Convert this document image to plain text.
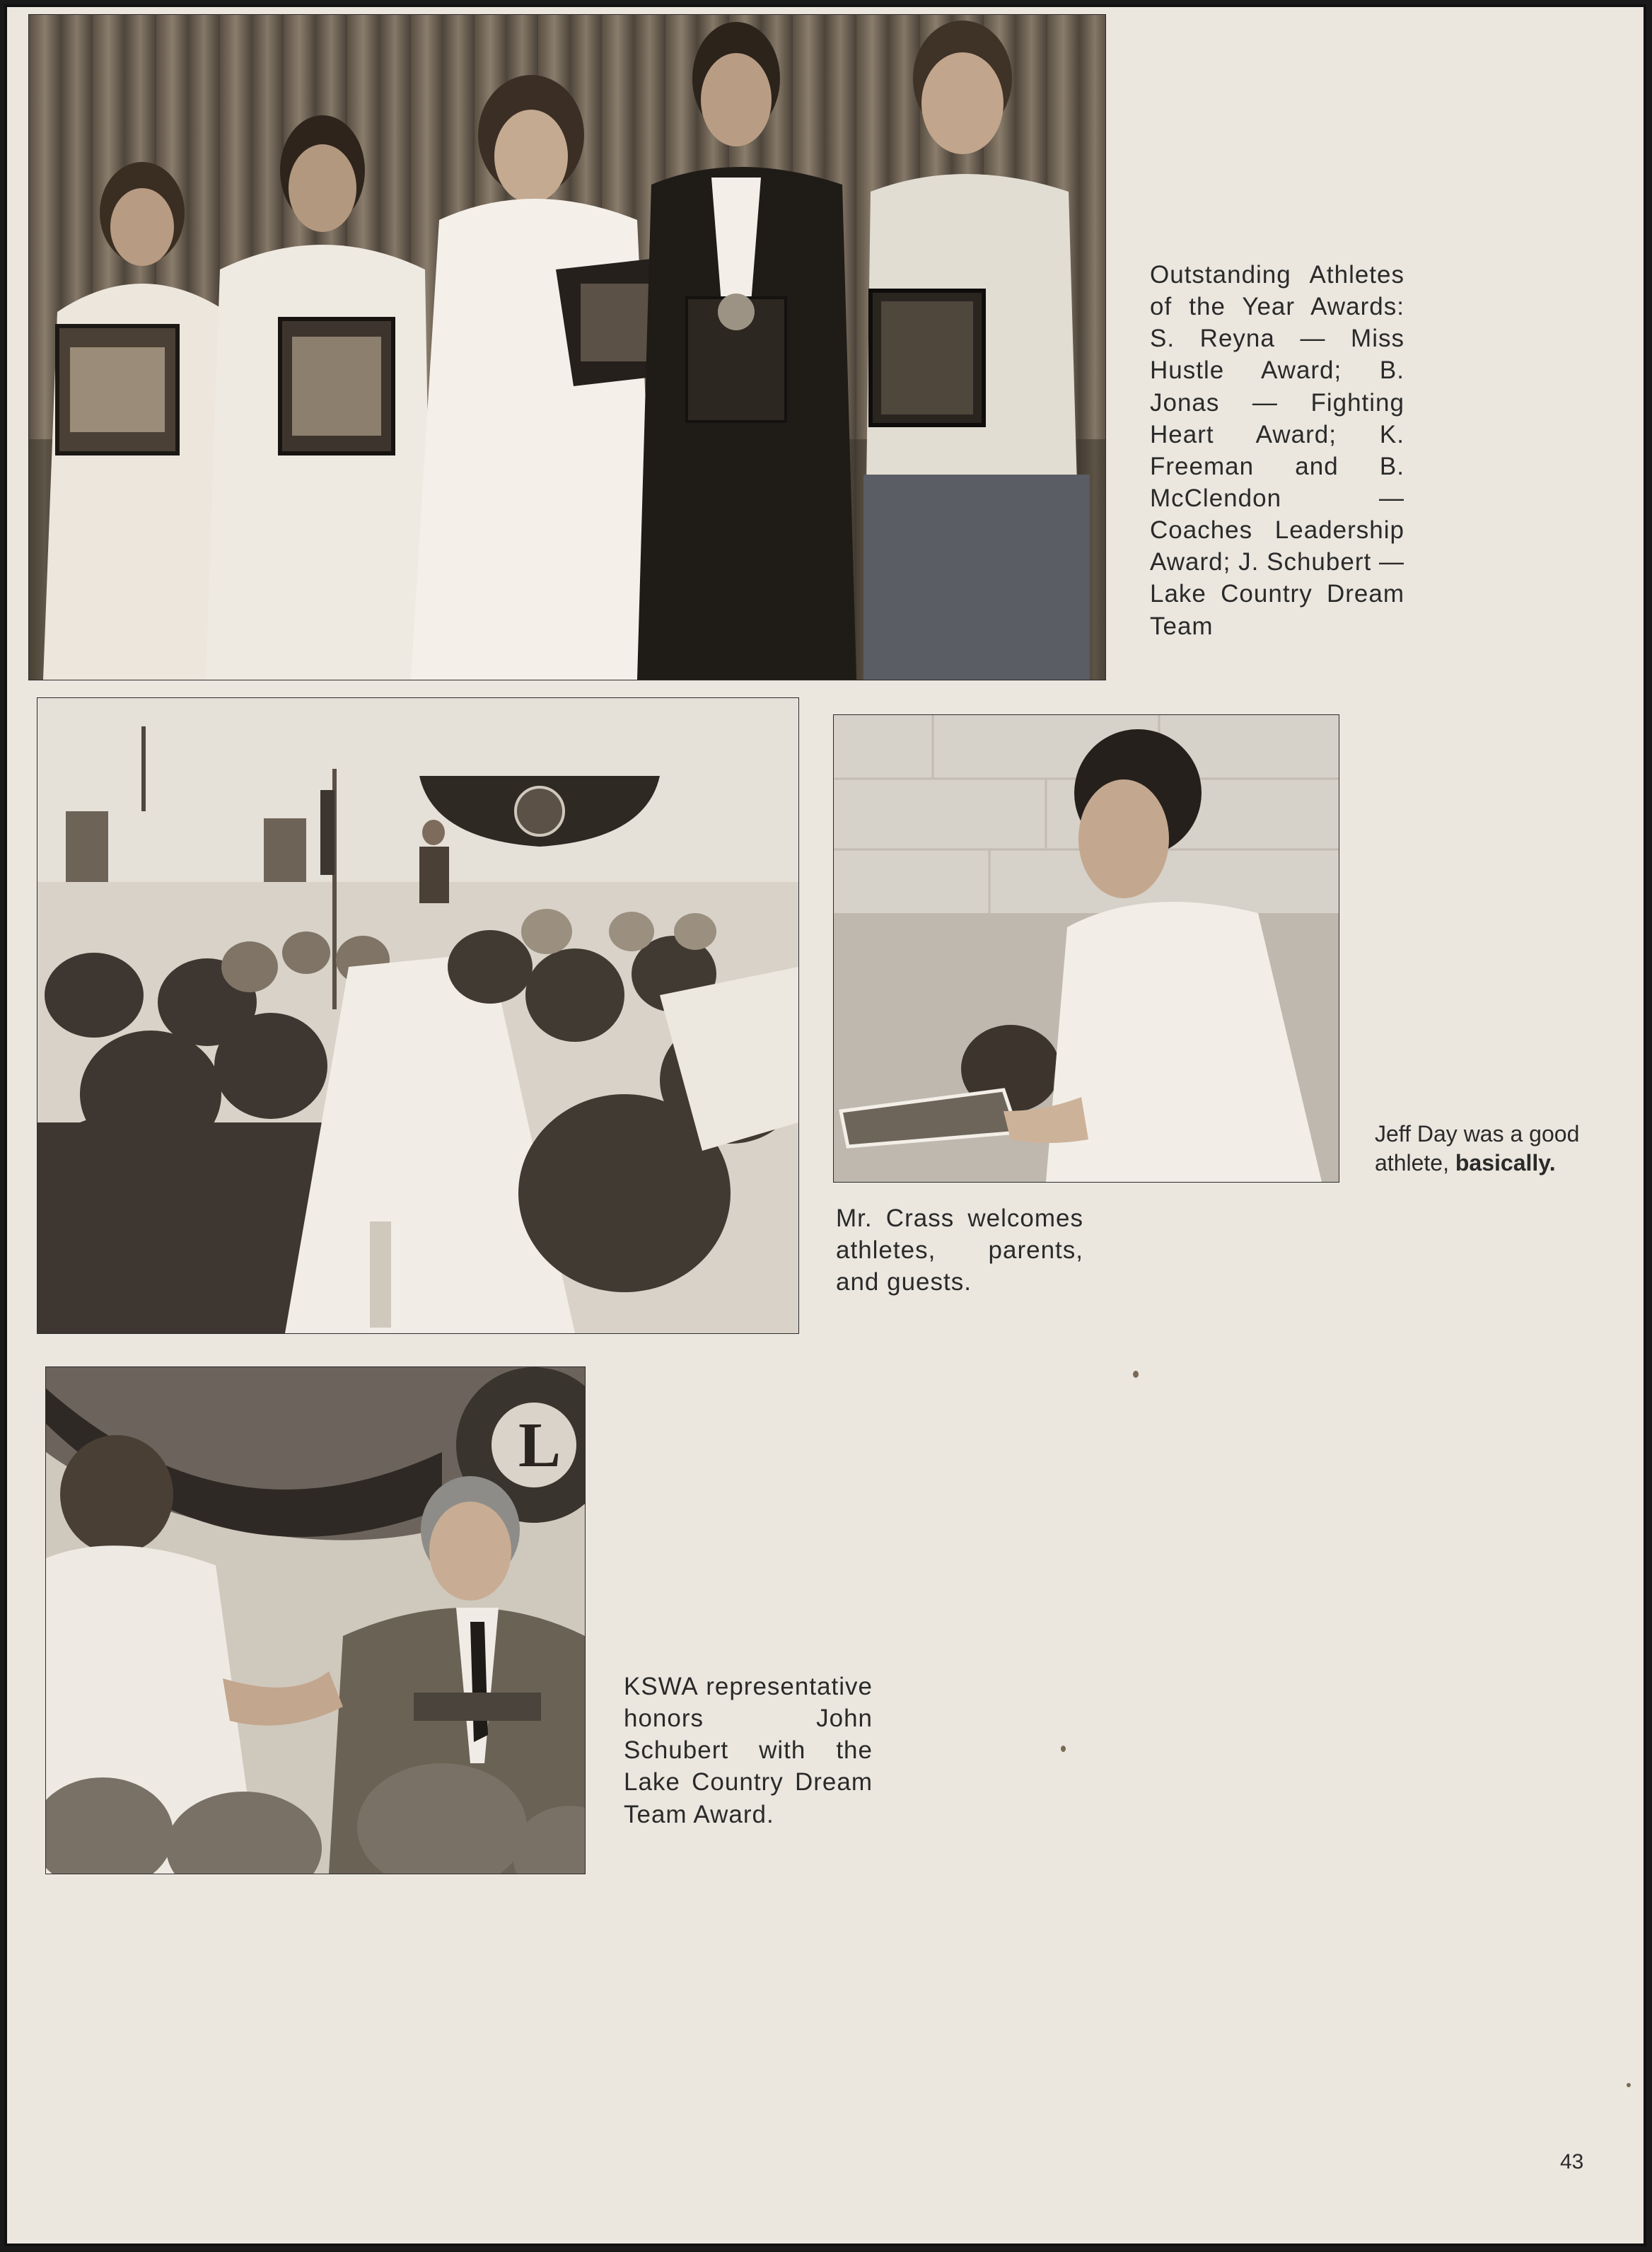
Outstanding Athletes of the Year Awards: S. Reyna — Miss Hustle Award; B. Jonas — Fighting Heart Award; K. Freeman and B. McClendon — Coaches Leadership Award; J. Schubert — Lake Country Dream Team

Jeff Day was a good athlete, basically.

Mr. Crass welcomes athletes, parents, and guests.

L

KSWA representative honors John Schubert with the Lake Country Dream Team Award.

43
